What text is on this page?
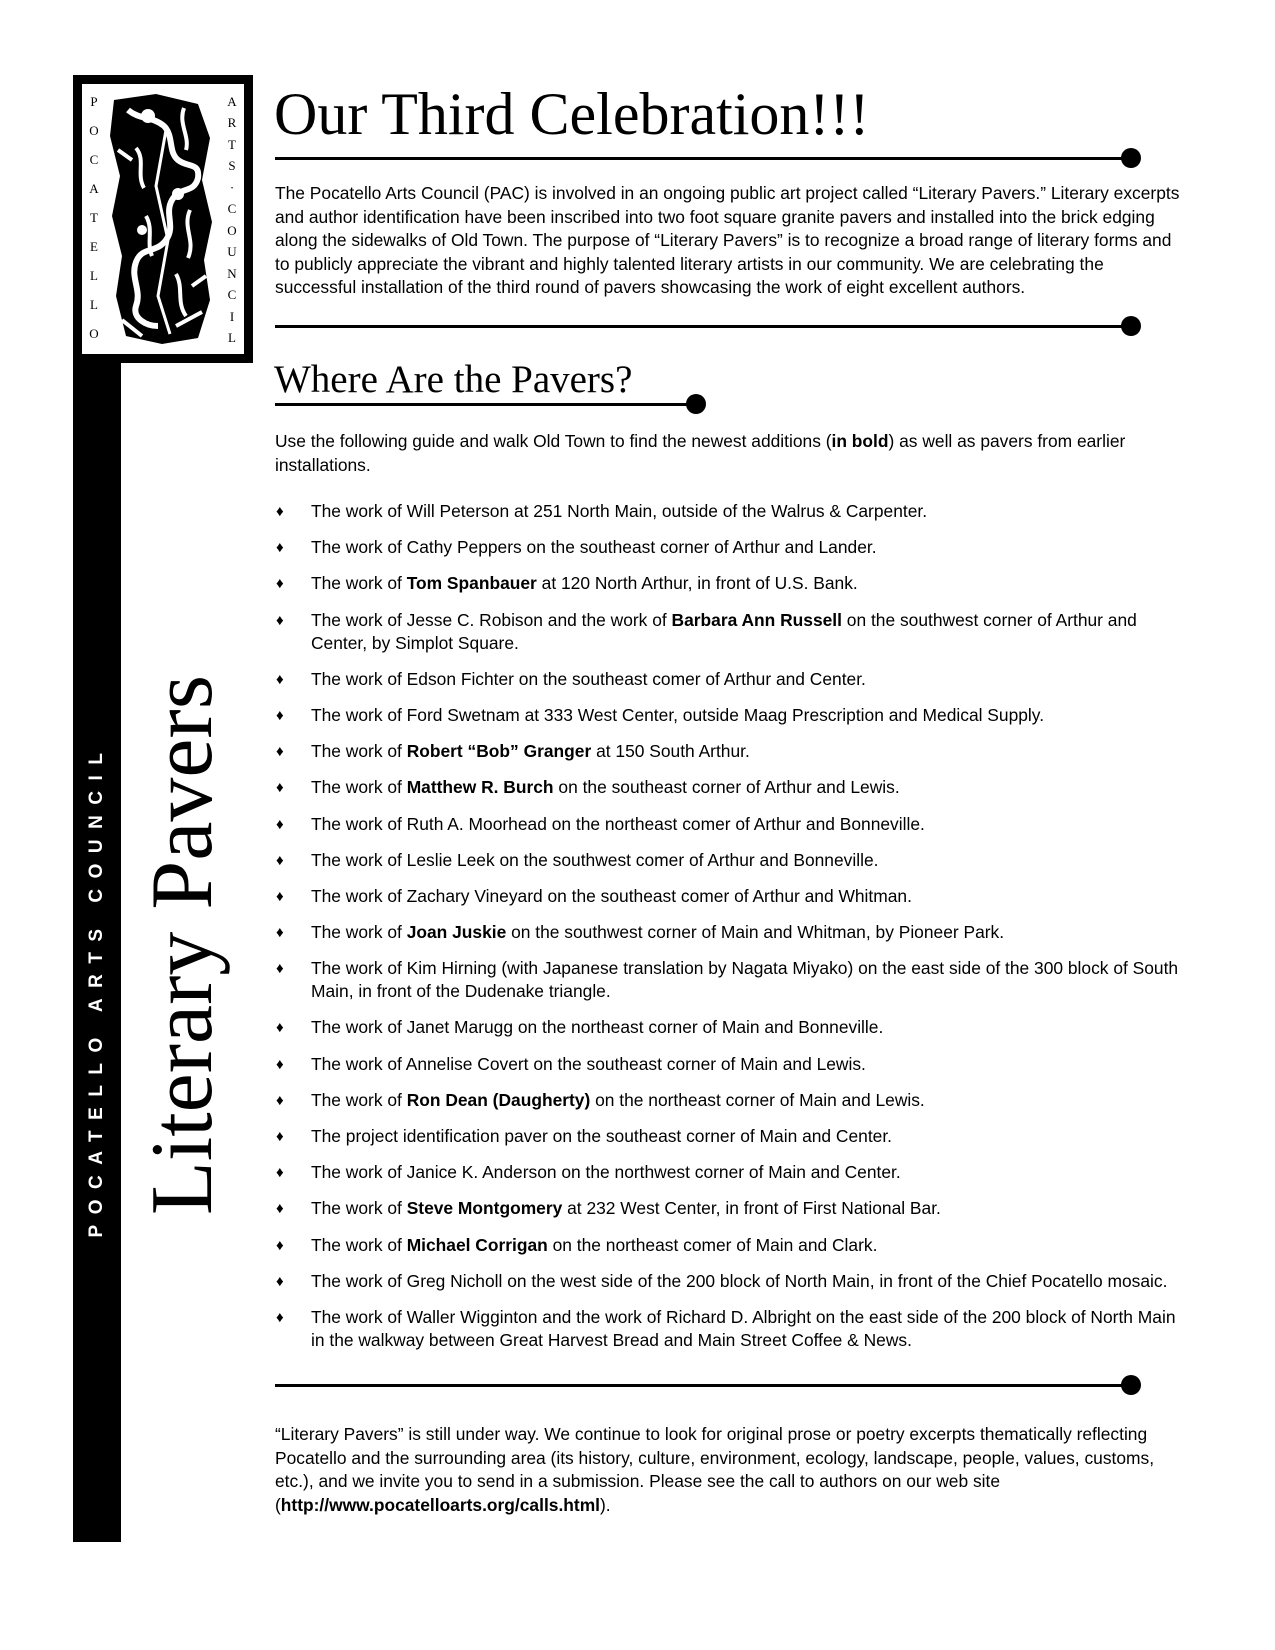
POCATELLO ARTS COUNCIL Literary Pavers
P
O
C
A
T
E
L
L
O
A
R
T
S
·
C
O
U
N
C
I
L
Our Third Celebration!!!

The Pocatello Arts Council (PAC) is involved in an ongoing public art project called “Literary Pavers.” Literary excerpts and author identification have been inscribed into two foot square granite pavers and installed into the brick edging along the sidewalks of Old Town. The purpose of “Literary Pavers” is to recognize a broad range of literary forms and to publicly appreciate the vibrant and highly talented literary artists in our community. We are celebrating the successful installation of the third round of pavers showcasing the work of eight excellent authors.

Where Are the Pavers?

Use the following guide and walk Old Town to find the newest additions (in bold) as well as pavers from earlier installations.

♦	The work of Will Peterson at 251 North Main, outside of the Walrus & Carpenter.
♦	The work of Cathy Peppers on the southeast corner of Arthur and Lander.
♦	The work of Tom Spanbauer at 120 North Arthur, in front of U.S. Bank.
♦	The work of Jesse C. Robison and the work of Barbara Ann Russell on the southwest corner of Arthur and Center, by Simplot Square.
♦	The work of Edson Fichter on the southeast comer of Arthur and Center.
♦	The work of Ford Swetnam at 333 West Center, outside Maag Prescription and Medical Supply.
♦	The work of Robert “Bob” Granger at 150 South Arthur.
♦	The work of Matthew R. Burch on the southeast corner of Arthur and Lewis.
♦	The work of Ruth A. Moorhead on the northeast comer of Arthur and Bonneville.
♦	The work of Leslie Leek on the southwest comer of Arthur and Bonneville.
♦	The work of Zachary Vineyard on the southeast comer of Arthur and Whitman.
♦	The work of Joan Juskie on the southwest corner of Main and Whitman, by Pioneer Park.
♦	The work of Kim Hirning (with Japanese translation by Nagata Miyako) on the east side of the 300 block of South Main, in front of the Dudenake triangle.
♦	The work of Janet Marugg on the northeast corner of Main and Bonneville.
♦	The work of Annelise Covert on the southeast corner of Main and Lewis.
♦	The work of Ron Dean (Daugherty) on the northeast corner of Main and Lewis.
♦	The project identification paver on the southeast corner of Main and Center.
♦	The work of Janice K. Anderson on the northwest corner of Main and Center.
♦	The work of Steve Montgomery at 232 West Center, in front of First National Bar.
♦	The work of Michael Corrigan on the northeast comer of Main and Clark.
♦	The work of Greg Nicholl on the west side of the 200 block of North Main, in front of the Chief Pocatello mosaic.
♦	The work of Waller Wigginton and the work of Richard D. Albright on the east side of the 200 block of North Main in the walkway between Great Harvest Bread and Main Street Coffee & News.

“Literary Pavers” is still under way. We continue to look for original prose or poetry excerpts thematically reflecting Pocatello and the surrounding area (its history, culture, environment, ecology, landscape, people, values, customs, etc.), and we invite you to send in a submission. Please see the call to authors on our web site (http://www.pocatelloarts.org/calls.html).
